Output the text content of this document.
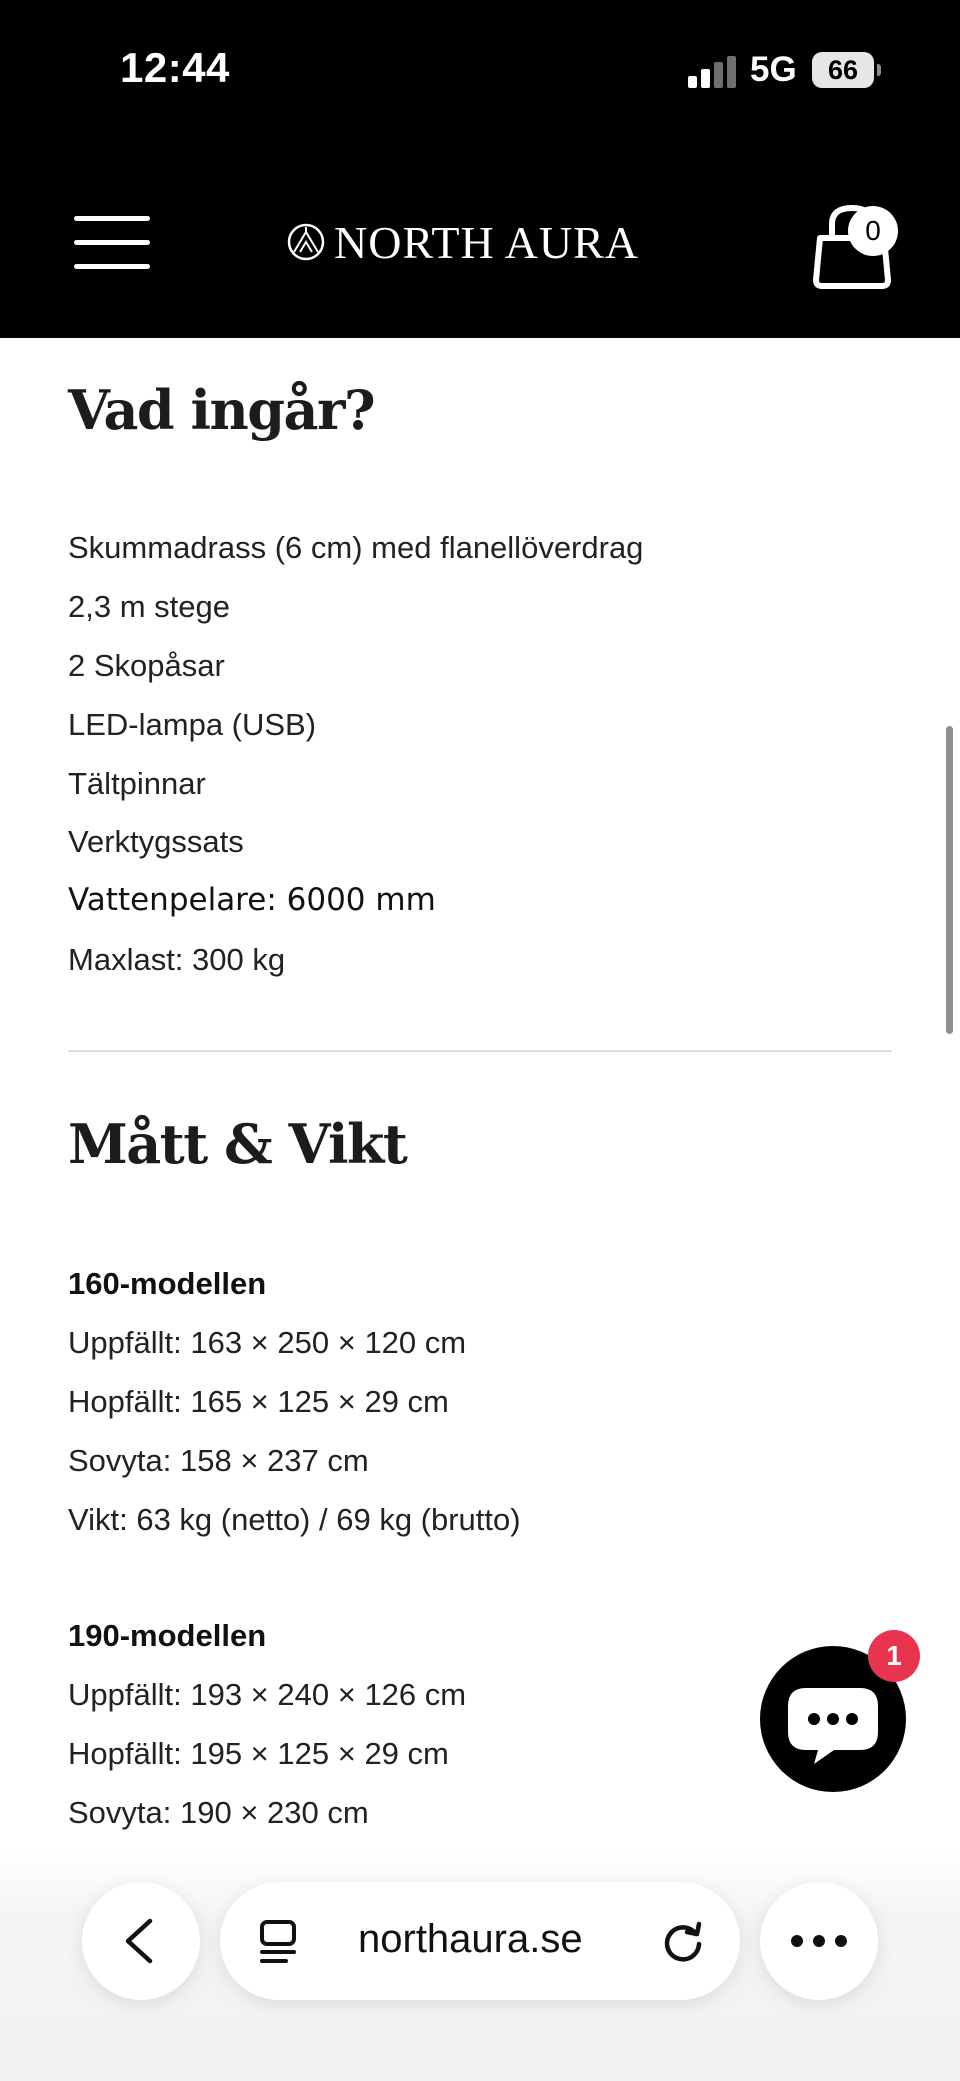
12:44	5G	66
NORTH AURA	0
Vad ingår?
Skummadrass (6 cm) med flanellöverdrag
2,3 m stege
2 Skopåsar
LED-lampa (USB)
Tältpinnar
Verktygssats
Vattenpelare: 6000 mm
Maxlast: 300 kg
Mått & Vikt
160-modellen
Uppfällt: 163 × 250 × 120 cm
Hopfällt: 165 × 125 × 29 cm
Sovyta: 158 × 237 cm
Vikt: 63 kg (netto) / 69 kg (brutto)
190-modellen
Uppfällt: 193 × 240 × 126 cm
Hopfällt: 195 × 125 × 29 cm
Sovyta: 190 × 230 cm
1
northaura.se
